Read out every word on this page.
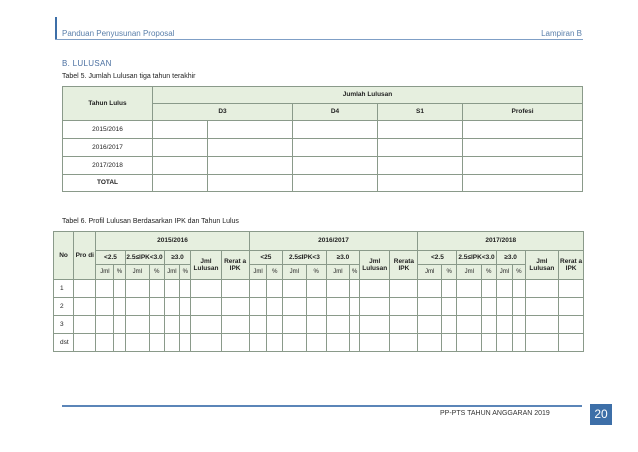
Panduan Penyusunan Proposal	Lampiran B
B. LULUSAN
Tabel 5. Jumlah Lulusan tiga tahun terakhir
Tahun Lulus	Jumlah Lulusan					
	D3		D4	S1	Profesi	
2015/2016						
2016/2017						
2017/2018						
TOTAL						
Tabel 6. Profil Lulusan Berdasarkan IPK dan Tahun Lulus
No	Pro di	2015/2016								2016/2017								2017/2018							
		<2.5		2.5≤IPK<3.0		≥3.0		Jml Lulusan	Rerat a IPK	<25		2.5≤IPK<3		≥3.0		Jml Lulusan	Rerata IPK	<2.5		2.5≤IPK<3.0		≥3.0		Jml Lulusan	Rerat a IPK
		Jml	%	Jml	%	Jml	%			Jml	%	Jml	%	Jml	%			Jml	%	Jml	%	Jml	%		
1																									
2																									
3																									
dst																									
PP-PTS TAHUN ANGGARAN 2019	20
